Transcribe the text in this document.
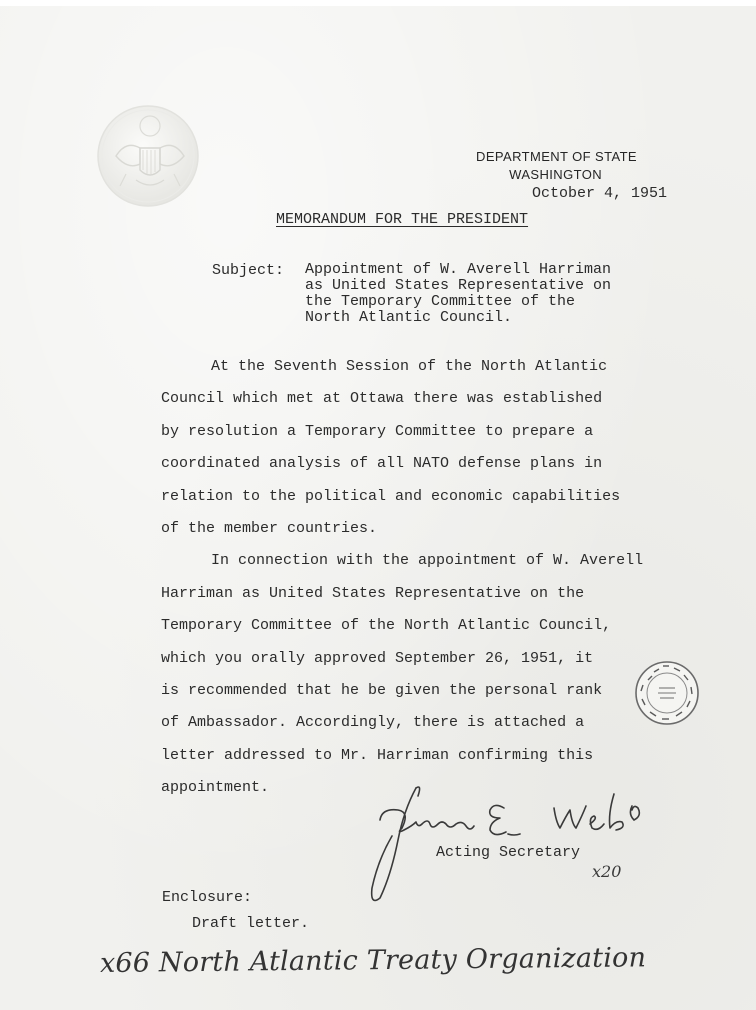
DEPARTMENT OF STATE
WASHINGTON
October 4, 1951
MEMORANDUM FOR THE PRESIDENT
Subject: Appointment of W. Averell Harriman
as United States Representative on
the Temporary Committee of the
North Atlantic Council.
At the Seventh Session of the North Atlantic
Council which met at Ottawa there was established
by resolution a Temporary Committee to prepare a
coordinated analysis of all NATO defense plans in
relation to the political and economic capabilities
of the member countries.
In connection with the appointment of W. Averell
Harriman as United States Representative on the
Temporary Committee of the North Atlantic Council,
which you orally approved September 26, 1951, it
is recommended that he be given the personal rank
of Ambassador. Accordingly, there is attached a
letter addressed to Mr. Harriman confirming this
appointment.
Acting Secretary
x20
Enclosure:
Draft letter.
x66 North Atlantic Treaty Organization
